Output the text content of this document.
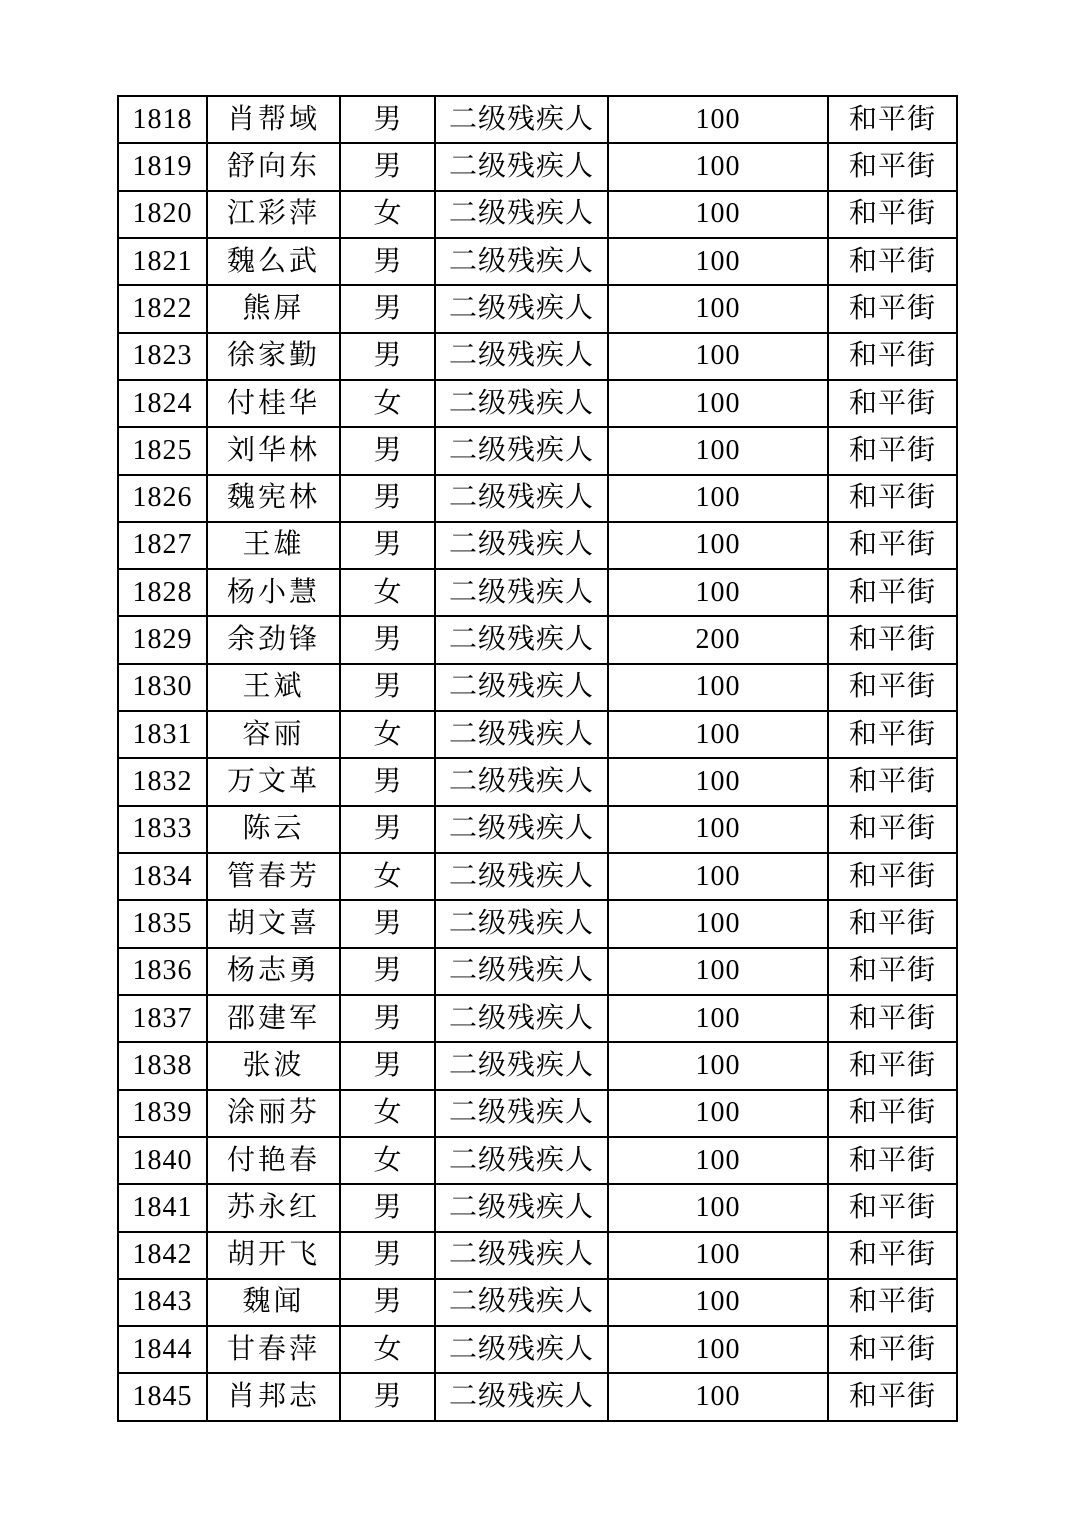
1818	肖帮域	男	二级残疾人	100	和平街
1819	舒向东	男	二级残疾人	100	和平街
1820	江彩萍	女	二级残疾人	100	和平街
1821	魏么武	男	二级残疾人	100	和平街
1822	熊屏	男	二级残疾人	100	和平街
1823	徐家勤	男	二级残疾人	100	和平街
1824	付桂华	女	二级残疾人	100	和平街
1825	刘华林	男	二级残疾人	100	和平街
1826	魏宪林	男	二级残疾人	100	和平街
1827	王雄	男	二级残疾人	100	和平街
1828	杨小慧	女	二级残疾人	100	和平街
1829	余劲锋	男	二级残疾人	200	和平街
1830	王斌	男	二级残疾人	100	和平街
1831	容丽	女	二级残疾人	100	和平街
1832	万文革	男	二级残疾人	100	和平街
1833	陈云	男	二级残疾人	100	和平街
1834	管春芳	女	二级残疾人	100	和平街
1835	胡文喜	男	二级残疾人	100	和平街
1836	杨志勇	男	二级残疾人	100	和平街
1837	邵建军	男	二级残疾人	100	和平街
1838	张波	男	二级残疾人	100	和平街
1839	涂丽芬	女	二级残疾人	100	和平街
1840	付艳春	女	二级残疾人	100	和平街
1841	苏永红	男	二级残疾人	100	和平街
1842	胡开飞	男	二级残疾人	100	和平街
1843	魏闻	男	二级残疾人	100	和平街
1844	甘春萍	女	二级残疾人	100	和平街
1845	肖邦志	男	二级残疾人	100	和平街
